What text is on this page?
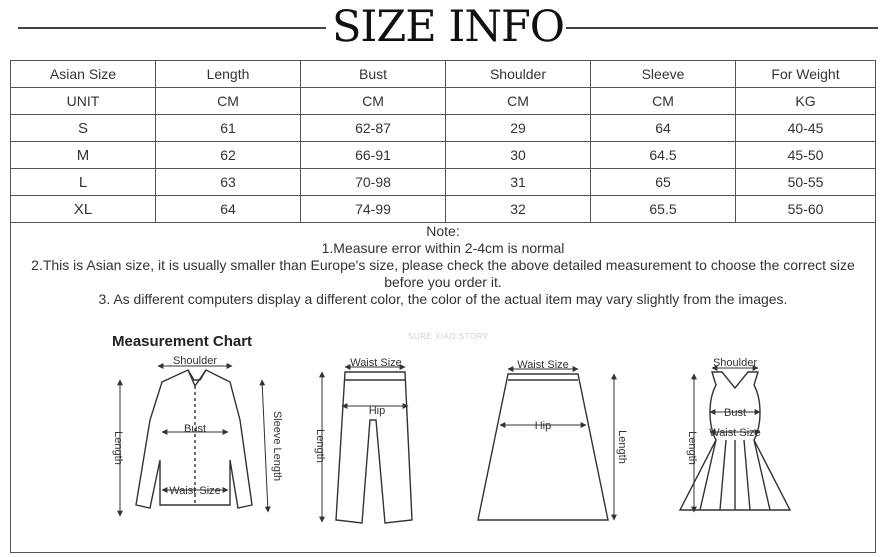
SIZE INFO
Asian Size	Length	Bust	Shoulder	Sleeve	For Weight
UNIT	CM	CM	CM	CM	KG
S	61	62-87	29	64	40-45
M	62	66-91	30	64.5	45-50
L	63	70-98	31	65	50-55
XL	64	74-99	32	65.5	55-60
Note:
1.Measure error within 2-4cm is normal
2.This is Asian size, it is usually smaller than Europe's size, please check the above detailed measurement to choose the correct size
before you order it.
3. As different computers display a different color, the color of the actual item may vary slightly from the images.
Measurement Chart	SURE XIAO STORY
Shoulder
Bust
Waist Size
Length	Sleeve Length
Waist Size
Hip
Length
Waist Size
Hip
Length
Shoulder
Bust
Waist Size
Length
